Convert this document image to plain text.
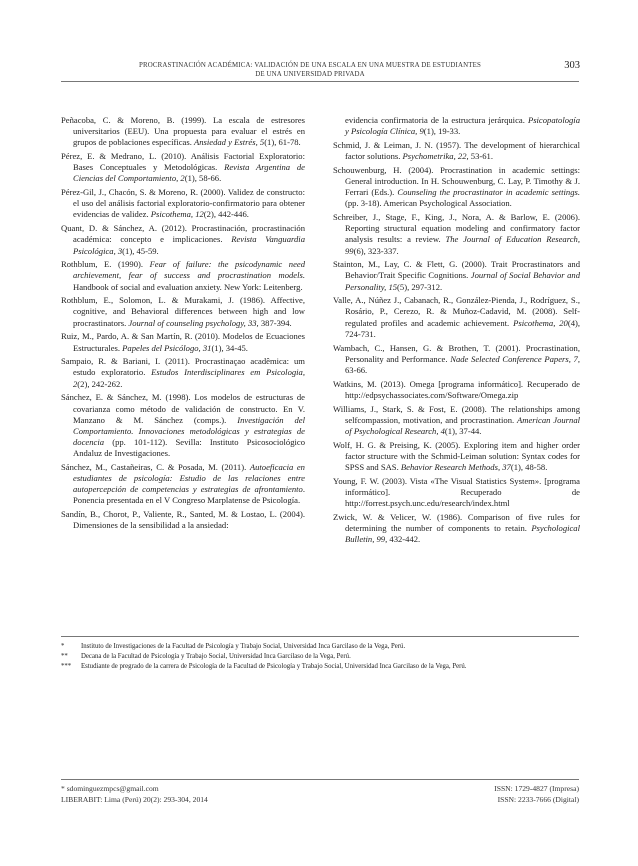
PROCRASTINACIÓN ACADÉMICA: VALIDACIÓN DE UNA ESCALA EN UNA MUESTRA DE ESTUDIANTES
DE UNA UNIVERSIDAD PRIVADA
303

Peñacoba, C. & Moreno, B. (1999). La escala de estresores universitarios (EEU). Una propuesta para evaluar el estrés en grupos de poblaciones específicas. Ansiedad y Estrés, 5(1), 61-78.

Pérez, E. & Medrano, L. (2010). Análisis Factorial Exploratorio: Bases Conceptuales y Metodológicas. Revista Argentina de Ciencias del Comportamiento, 2(1), 58-66.

Pérez-Gil, J., Chacón, S. & Moreno, R. (2000). Validez de constructo: el uso del análisis factorial exploratorio-confirmatorio para obtener evidencias de validez. Psicothema, 12(2), 442-446.

Quant, D. & Sánchez, A. (2012). Procrastinación, procrastinación académica: concepto e implicaciones. Revista Vanguardia Psicológica, 3(1), 45-59.

Rothblum, E. (1990). Fear of failure: the psicodynamic need archievement, fear of success and procrastination models. Handbook of social and evaluation anxiety. New York: Leitenberg.

Rothblum, E., Solomon, L. & Murakami, J. (1986). Affective, cognitive, and Behavioral differences between high and low procrastinators. Journal of counseling psychology, 33, 387-394.

Ruiz, M., Pardo, A. & San Martín, R. (2010). Modelos de Ecuaciones Estructurales. Papeles del Psicólogo, 31(1), 34-45.

Sampaio, R. & Bariani, I. (2011). Procrastinaçao acadêmica: um estudo exploratorio. Estudos Interdisciplinares em Psicologia, 2(2), 242-262.

Sánchez, E. & Sánchez, M. (1998). Los modelos de estructuras de covarianza como método de validación de constructo. En V. Manzano & M. Sánchez (comps.). Investigación del Comportamiento. Innovaciones metodológicas y estrategias de docencia (pp. 101-112). Sevilla: Instituto Psicosociológico Andaluz de Investigaciones.

Sánchez, M., Castañeiras, C. & Posada, M. (2011). Autoeficacia en estudiantes de psicología: Estudio de las relaciones entre autopercepción de competencias y estrategias de afrontamiento. Ponencia presentada en el V Congreso Marplatense de Psicología.

Sandín, B., Chorot, P., Valiente, R., Santed, M. & Lostao, L. (2004). Dimensiones de la sensibilidad a la ansiedad:

evidencia confirmatoria de la estructura jerárquica. Psicopatología y Psicología Clínica, 9(1), 19-33.

Schmid, J. & Leiman, J. N. (1957). The development of hierarchical factor solutions. Psychometrika, 22, 53-61.

Schouwenburg, H. (2004). Procrastination in academic settings: General introduction. In H. Schouwenburg, C. Lay, P. Timothy & J. Ferrari (Eds.). Counseling the procrastinator in academic settings. (pp. 3-18). American Psychological Association.

Schreiber, J., Stage, F., King, J., Nora, A. & Barlow, E. (2006). Reporting structural equation modeling and confirmatory factor analysis results: a review. The Journal of Education Research, 99(6), 323-337.

Stainton, M., Lay, C. & Flett, G. (2000). Trait Procrastinators and Behavior/Trait Specific Cognitions. Journal of Social Behavior and Personality, 15(5), 297-312.

Valle, A., Núñez J., Cabanach, R., González-Pienda, J., Rodríguez, S., Rosário, P., Cerezo, R. & Muñoz-Cadavid, M. (2008). Self-regulated profiles and academic achievement. Psicothema, 20(4), 724-731.

Wambach, C., Hansen, G. & Brothen, T. (2001). Procrastination, Personality and Performance. Nade Selected Conference Papers, 7, 63-66.

Watkins, M. (2013). Omega [programa informático]. Recuperado de http://edpsychassociates.com/Software/Omega.zip

Williams, J., Stark, S. & Fost, E. (2008). The relationships among selfcompassion, motivation, and procrastination. American Journal of Psychological Research, 4(1), 37-44.

Wolf, H. G. & Preising, K. (2005). Exploring item and higher order factor structure with the Schmid-Leiman solution: Syntax codes for SPSS and SAS. Behavior Research Methods, 37(1), 48-58.

Young, F. W. (2003). Vista «The Visual Statistics System». [programa informático]. Recuperado de http://forrest.psych.unc.edu/research/index.html

Zwick, W. & Velicer, W. (1986). Comparison of five rules for determining the number of components to retain. Psychological Bulletin, 99, 432-442.

*	Instituto de Investigaciones de la Facultad de Psicología y Trabajo Social, Universidad Inca Garcilaso de la Vega, Perú.
**	Decana de la Facultad de Psicología y Trabajo Social, Universidad Inca Garcilaso de la Vega, Perú.
***	Estudiante de pregrado de la carrera de Psicología de la Facultad de Psicología y Trabajo Social, Universidad Inca Garcilaso de la Vega, Perú.
* sdominguezmpcs@gmail.com
LIBERABIT: Lima (Perú) 20(2): 293-304, 2014
ISSN: 1729-4827 (Impresa)
ISSN: 2233-7666 (Digital)
